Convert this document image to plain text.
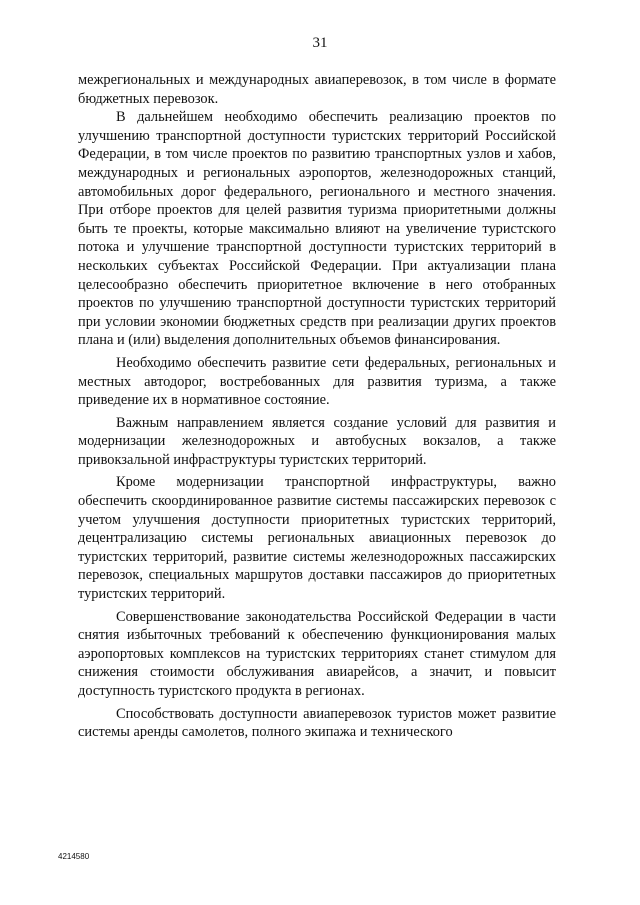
31

межрегиональных и международных авиаперевозок, в том числе в формате бюджетных перевозок.

В дальнейшем необходимо обеспечить реализацию проектов по улучшению транспортной доступности туристских территорий Российской Федерации, в том числе проектов по развитию транспортных узлов и хабов, международных и региональных аэропортов, железнодорожных станций, автомобильных дорог федерального, регионального и местного значения. При отборе проектов для целей развития туризма приоритетными должны быть те проекты, которые максимально влияют на увеличение туристского потока и улучшение транспортной доступности туристских территорий в нескольких субъектах Российской Федерации. При актуализации плана целесообразно обеспечить приоритетное включение в него отобранных проектов по улучшению транспортной доступности туристских территорий при условии экономии бюджетных средств при реализации других проектов плана и (или) выделения дополнительных объемов финансирования.

Необходимо обеспечить развитие сети федеральных, региональных и местных автодорог, востребованных для развития туризма, а также приведение их в нормативное состояние.

Важным направлением является создание условий для развития и модернизации железнодорожных и автобусных вокзалов, а также привокзальной инфраструктуры туристских территорий.

Кроме модернизации транспортной инфраструктуры, важно обеспечить скоординированное развитие системы пассажирских перевозок с учетом улучшения доступности приоритетных туристских территорий, децентрализацию системы региональных авиационных перевозок до туристских территорий, развитие системы железнодорожных пассажирских перевозок, специальных маршрутов доставки пассажиров до приоритетных туристских территорий.

Совершенствование законодательства Российской Федерации в части снятия избыточных требований к обеспечению функционирования малых аэропортовых комплексов на туристских территориях станет стимулом для снижения стоимости обслуживания авиарейсов, а значит, и повысит доступность туристского продукта в регионах.

Способствовать доступности авиаперевозок туристов может развитие системы аренды самолетов, полного экипажа и технического

4214580
